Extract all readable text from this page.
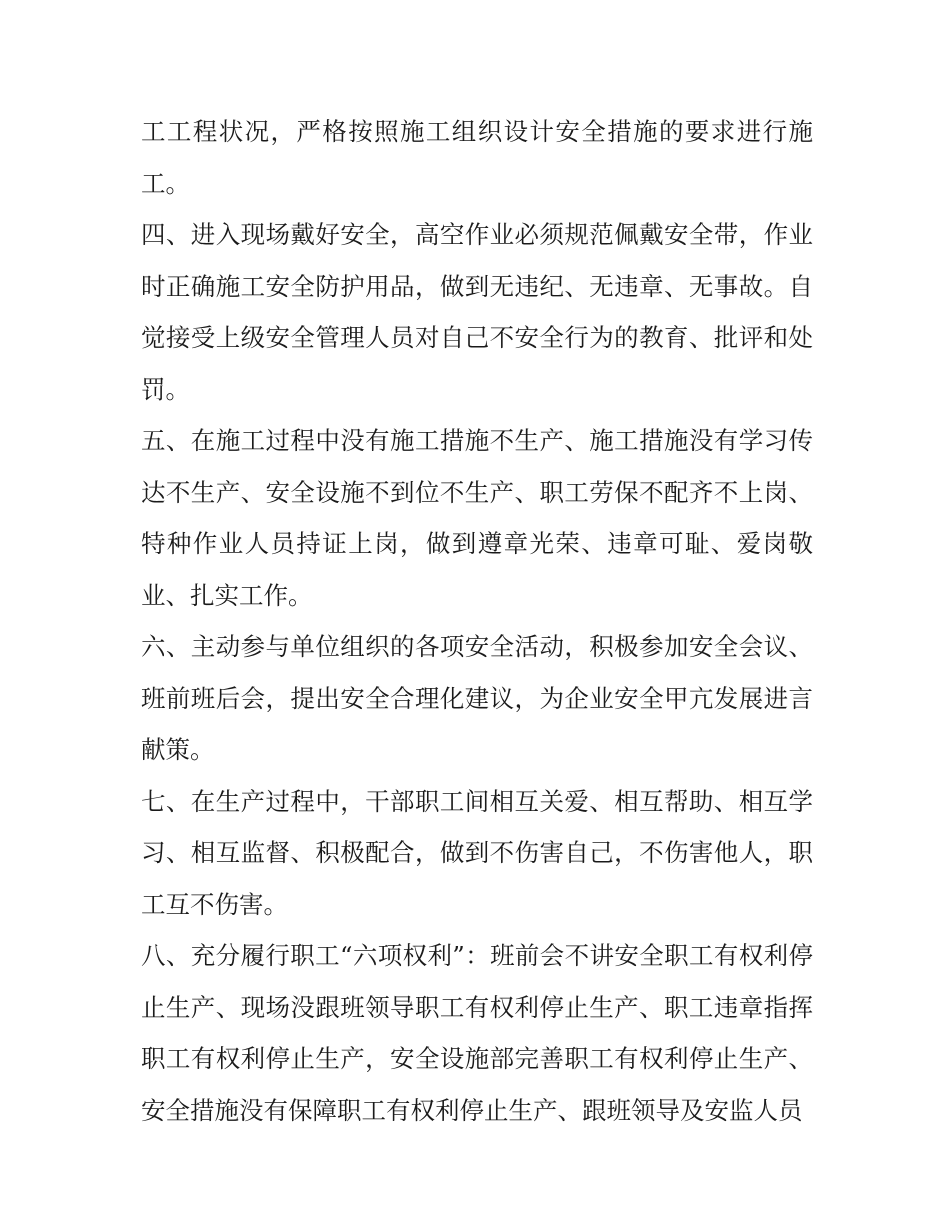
工工程状况，严格按照施工组织设计安全措施的要求进行施工。

四、进入现场戴好安全，高空作业必须规范佩戴安全带，作业时正确施工安全防护用品，做到无违纪、无违章、无事故。自觉接受上级安全管理人员对自己不安全行为的教育、批评和处罚。

五、在施工过程中没有施工措施不生产、施工措施没有学习传达不生产、安全设施不到位不生产、职工劳保不配齐不上岗、特种作业人员持证上岗，做到遵章光荣、违章可耻、爱岗敬业、扎实工作。

六、主动参与单位组织的各项安全活动，积极参加安全会议、班前班后会，提出安全合理化建议，为企业安全甲亢发展进言献策。

七、在生产过程中，干部职工间相互关爱、相互帮助、相互学习、相互监督、积极配合，做到不伤害自己，不伤害他人，职工互不伤害。

八、充分履行职工“六项权利”：班前会不讲安全职工有权利停止生产、现场没跟班领导职工有权利停止生产、职工违章指挥职工有权利停止生产，安全设施部完善职工有权利停止生产、安全措施没有保障职工有权利停止生产、跟班领导及安监人员
